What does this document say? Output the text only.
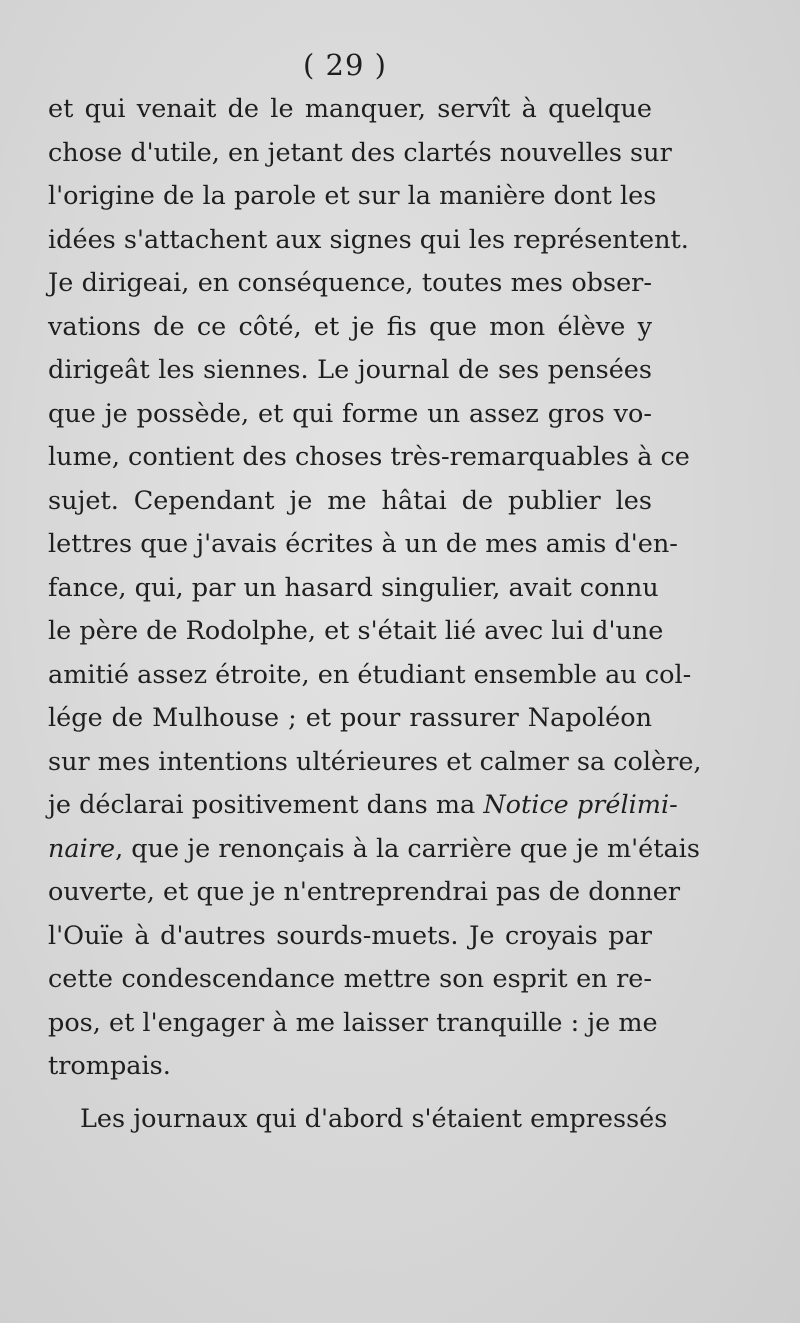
( 29 )
et qui venait de le manquer, servît à quelque
chose d'utile, en jetant des clartés nouvelles sur
l'origine de la parole et sur la manière dont les
idées s'attachent aux signes qui les représentent.
Je dirigeai, en conséquence, toutes mes obser-
vations de ce côté, et je fis que mon élève y
dirigeât les siennes. Le journal de ses pensées
que je possède, et qui forme un assez gros vo-
lume, contient des choses très-remarquables à ce
sujet. Cependant je me hâtai de publier les
lettres que j'avais écrites à un de mes amis d'en-
fance, qui, par un hasard singulier, avait connu
le père de Rodolphe, et s'était lié avec lui d'une
amitié assez étroite, en étudiant ensemble au col-
lége de Mulhouse ; et pour rassurer Napoléon
sur mes intentions ultérieures et calmer sa colère,
je déclarai positivement dans ma Notice prélimi-
naire, que je renonçais à la carrière que je m'étais
ouverte, et que je n'entreprendrai pas de donner
l'Ouïe à d'autres sourds-muets. Je croyais par
cette condescendance mettre son esprit en re-
pos, et l'engager à me laisser tranquille : je me
trompais.
Les journaux qui d'abord s'étaient empressés
